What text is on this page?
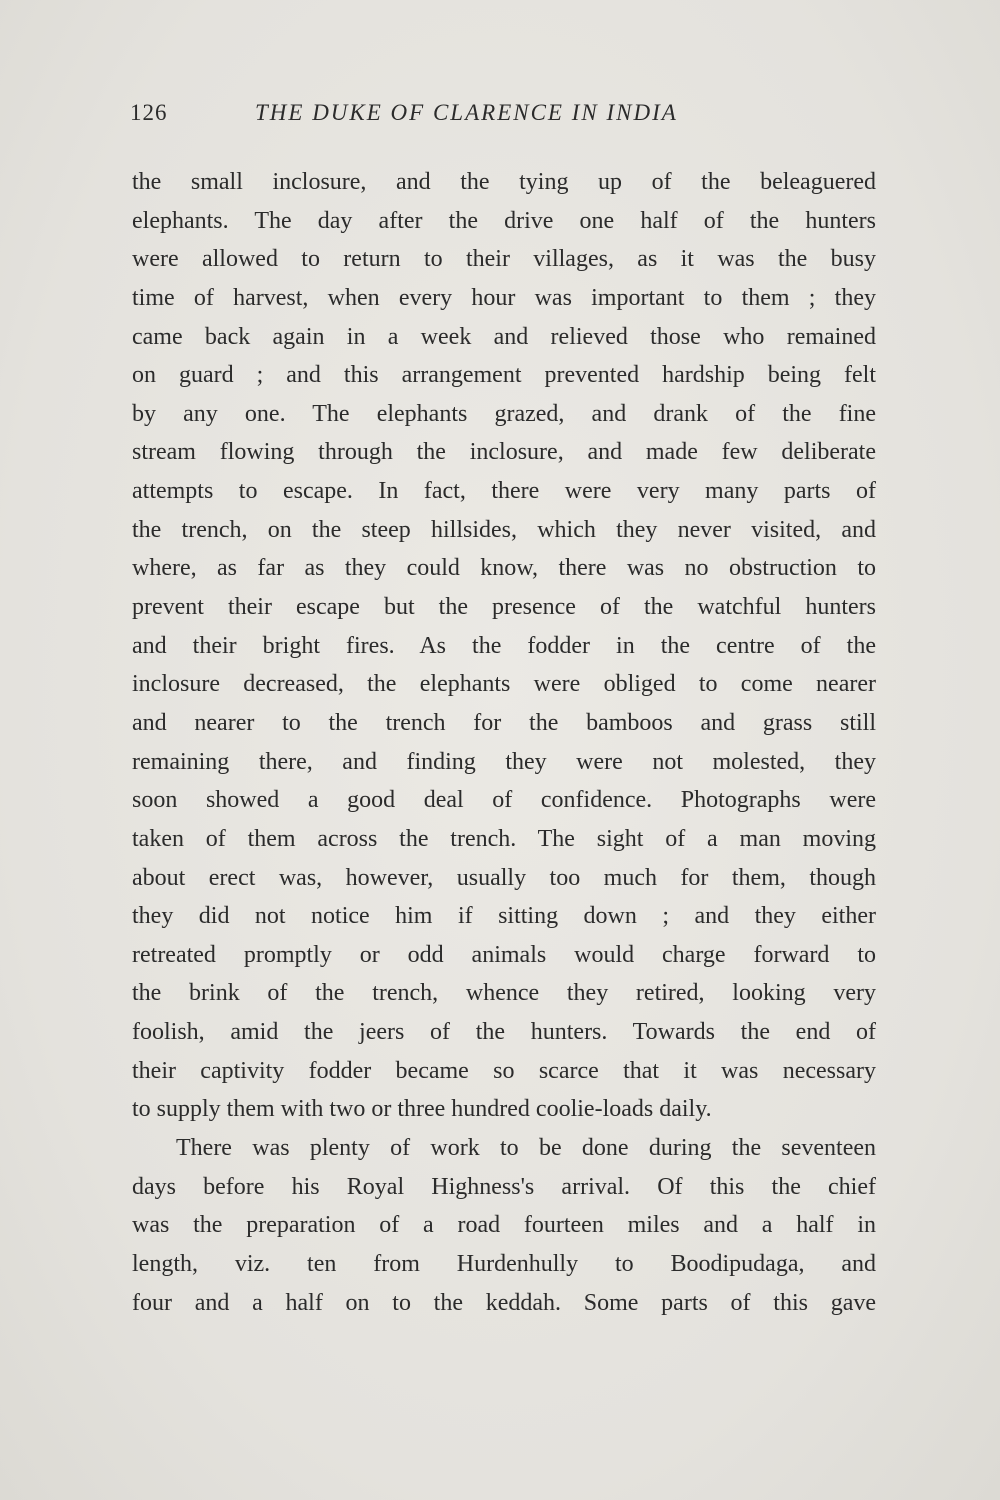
126	THE DUKE OF CLARENCE IN INDIA
the small inclosure, and the tying up of the beleaguered
elephants. The day after the drive one half of the hunters
were allowed to return to their villages, as it was the busy
time of harvest, when every hour was important to them ; they
came back again in a week and relieved those who remained
on guard ; and this arrangement prevented hardship being felt
by any one. The elephants grazed, and drank of the fine
stream flowing through the inclosure, and made few deliberate
attempts to escape. In fact, there were very many parts of
the trench, on the steep hillsides, which they never visited, and
where, as far as they could know, there was no obstruction to
prevent their escape but the presence of the watchful hunters
and their bright fires. As the fodder in the centre of the
inclosure decreased, the elephants were obliged to come nearer
and nearer to the trench for the bamboos and grass still
remaining there, and finding they were not molested, they
soon showed a good deal of confidence. Photographs were
taken of them across the trench. The sight of a man moving
about erect was, however, usually too much for them, though
they did not notice him if sitting down ; and they either
retreated promptly or odd animals would charge forward to
the brink of the trench, whence they retired, looking very
foolish, amid the jeers of the hunters. Towards the end of
their captivity fodder became so scarce that it was necessary
to supply them with two or three hundred coolie-loads daily.
There was plenty of work to be done during the seventeen
days before his Royal Highness's arrival. Of this the chief
was the preparation of a road fourteen miles and a half in
length, viz. ten from Hurdenhully to Boodipudaga, and
four and a half on to the keddah. Some parts of this gave
